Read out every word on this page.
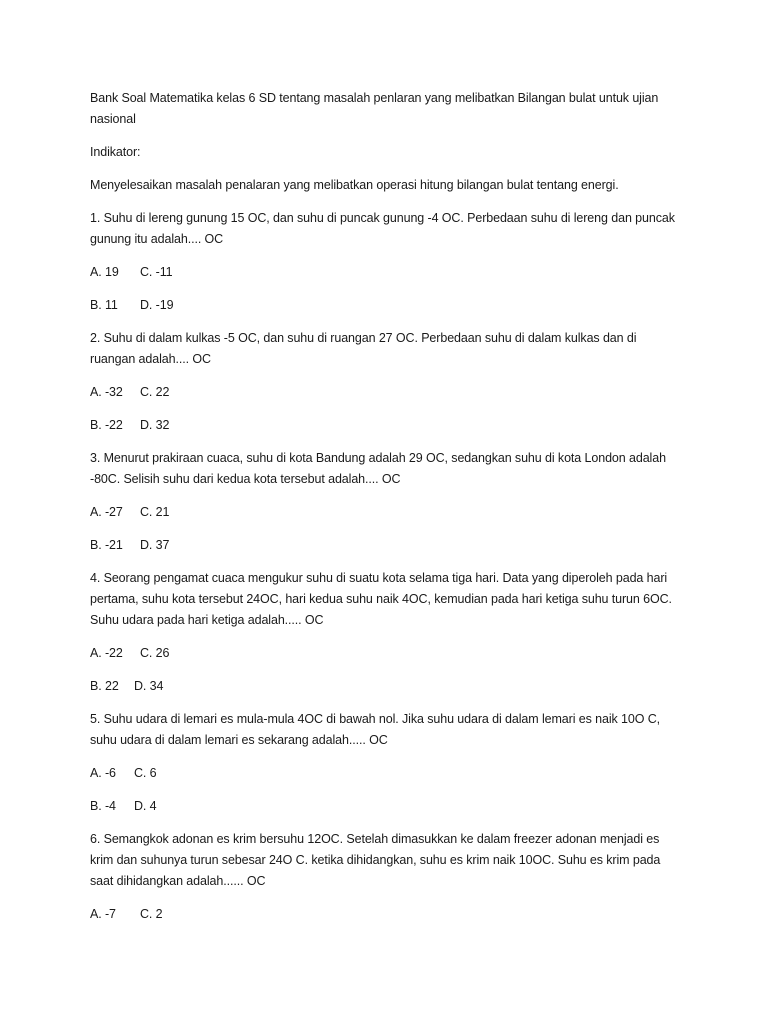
Bank Soal Matematika kelas 6 SD tentang masalah penlaran yang melibatkan Bilangan bulat untuk ujian
nasional
Indikator:
Menyelesaikan masalah penalaran yang melibatkan operasi hitung bilangan bulat tentang energi.
1. Suhu di lereng gunung 15 OC, dan suhu di puncak gunung -4 OC. Perbedaan suhu di lereng dan puncak
gunung itu adalah.... OC
A. 19 C. -11
B. 11 D. -19
2. Suhu di dalam kulkas -5 OC, dan suhu di ruangan 27 OC. Perbedaan suhu di dalam kulkas dan di
ruangan adalah.... OC
A. -32 C. 22
B. -22 D. 32
3. Menurut prakiraan cuaca, suhu di kota Bandung adalah 29 OC, sedangkan suhu di kota London adalah
-80C. Selisih suhu dari kedua kota tersebut adalah.... OC
A. -27 C. 21
B. -21 D. 37
4. Seorang pengamat cuaca mengukur suhu di suatu kota selama tiga hari. Data yang diperoleh pada hari
pertama, suhu kota tersebut 24OC, hari kedua suhu naik 4OC, kemudian pada hari ketiga suhu turun 6OC.
Suhu udara pada hari ketiga adalah..... OC
A. -22 C. 26
B. 22 D. 34
5. Suhu udara di lemari es mula-mula 4OC di bawah nol. Jika suhu udara di dalam lemari es naik 10O C,
suhu udara di dalam lemari es sekarang adalah..... OC
A. -6 C. 6
B. -4 D. 4
6. Semangkok adonan es krim bersuhu 12OC. Setelah dimasukkan ke dalam freezer adonan menjadi es
krim dan suhunya turun sebesar 24O C. ketika dihidangkan, suhu es krim naik 10OC. Suhu es krim pada
saat dihidangkan adalah...... OC
A. -7 C. 2
